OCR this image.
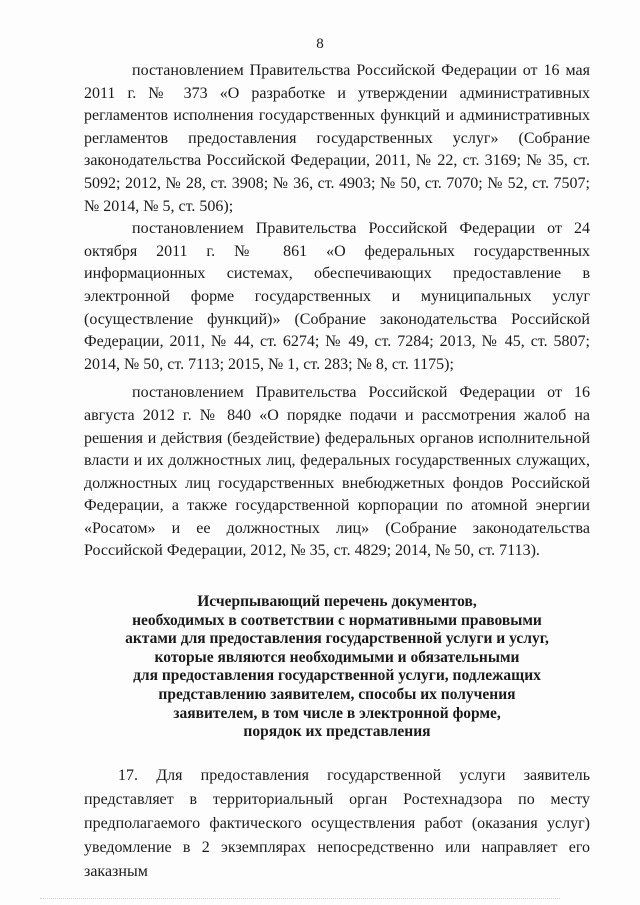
8

постановлением Правительства Российской Федерации от 16 мая 2011 г. № 373 «О разработке и утверждении административных регламентов исполнения государственных функций и административных регламентов предоставления государственных услуг» (Собрание законодательства Российской Федерации, 2011, № 22, ст. 3169; № 35, ст. 5092; 2012, № 28, ст. 3908; № 36, ст. 4903; № 50, ст. 7070; № 52, ст. 7507; № 2014, № 5, ст. 506);

постановлением Правительства Российской Федерации от 24 октября 2011 г. № 861 «О федеральных государственных информационных системах, обеспечивающих предоставление в электронной форме государственных и муниципальных услуг (осуществление функций)» (Собрание законодательства Российской Федерации, 2011, № 44, ст. 6274; № 49, ст. 7284; 2013, № 45, ст. 5807; 2014, № 50, ст. 7113; 2015, № 1, ст. 283; № 8, ст. 1175);

постановлением Правительства Российской Федерации от 16 августа 2012 г. № 840 «О порядке подачи и рассмотрения жалоб на решения и действия (бездействие) федеральных органов исполнительной власти и их должностных лиц, федеральных государственных служащих, должностных лиц государственных внебюджетных фондов Российской Федерации, а также государственной корпорации по атомной энергии «Росатом» и ее должностных лиц» (Собрание законодательства Российской Федерации, 2012, № 35, ст. 4829; 2014, № 50, ст. 7113).

Исчерпывающий перечень документов,
необходимых в соответствии с нормативными правовыми
актами для предоставления государственной услуги и услуг,
которые являются необходимыми и обязательными
для предоставления государственной услуги, подлежащих
представлению заявителем, способы их получения
заявителем, в том числе в электронной форме,
порядок их представления

17. Для предоставления государственной услуги заявитель представляет в территориальный орган Ростехнадзора по месту предполагаемого фактического осуществления работ (оказания услуг) уведомление в 2 экземплярах непосредственно или направляет его заказным
